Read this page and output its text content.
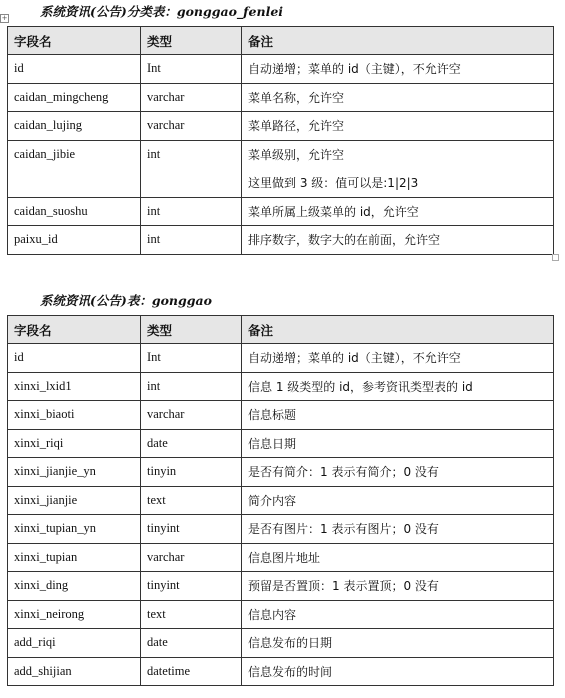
+	系统资讯(公告)分类表：gonggao_fenlei
字段名	类型	备注
id	Int	自动递增；菜单的 id（主键），不允许空
caidan_mingcheng	varchar	菜单名称，允许空
caidan_lujing	varchar	菜单路径，允许空
caidan_jibie	int	菜单级别，允许空
这里做到 3 级：值可以是:1|2|3

caidan_suoshu	int	菜单所属上级菜单的 id，允许空
paixu_id	int	排序数字，数字大的在前面，允许空
系统资讯(公告)表：gonggao
字段名	类型	备注
id	Int	自动递增；菜单的 id（主键），不允许空
xinxi_lxid1	int	信息 1 级类型的 id，参考资讯类型表的 id
xinxi_biaoti	varchar	信息标题
xinxi_riqi	date	信息日期
xinxi_jianjie_yn	tinyin	是否有简介：1 表示有简介；0 没有
xinxi_jianjie	text	简介内容
xinxi_tupian_yn	tinyint	是否有图片：1 表示有图片；0 没有
xinxi_tupian	varchar	信息图片地址
xinxi_ding	tinyint	预留是否置顶：1 表示置顶；0 没有
xinxi_neirong	text	信息内容
add_riqi	date	信息发布的日期
add_shijian	datetime	信息发布的时间
